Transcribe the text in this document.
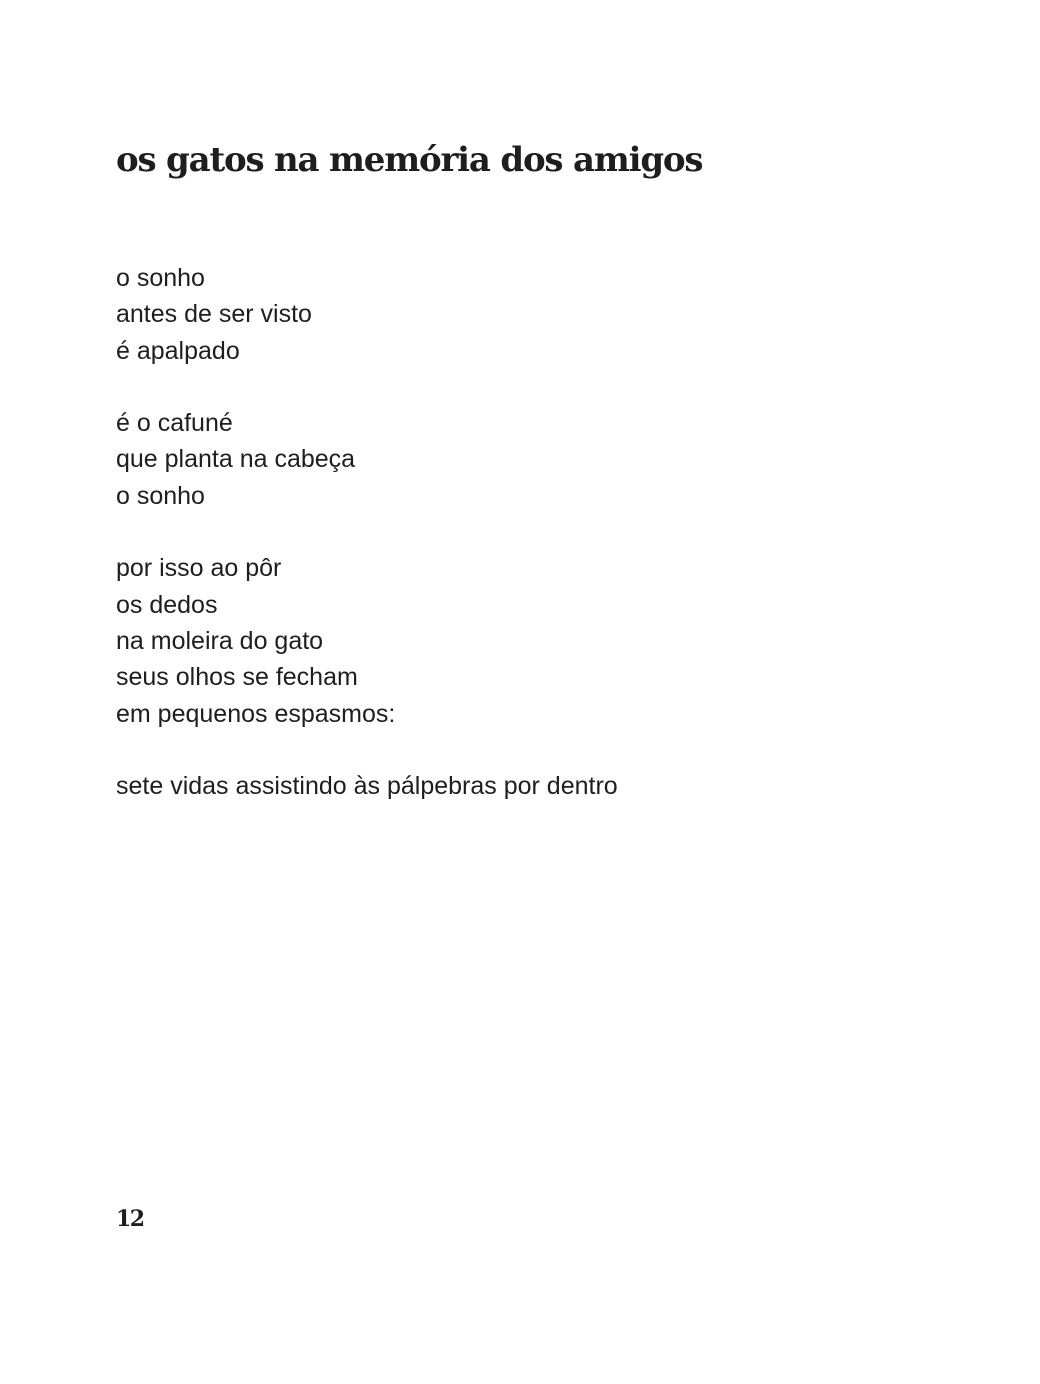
os gatos na memória dos amigos

o sonho
antes de ser visto
é apalpado

é o cafuné
que planta na cabeça
o sonho

por isso ao pôr
os dedos
na moleira do gato
seus olhos se fecham
em pequenos espasmos:

sete vidas assistindo às pálpebras por dentro

12
